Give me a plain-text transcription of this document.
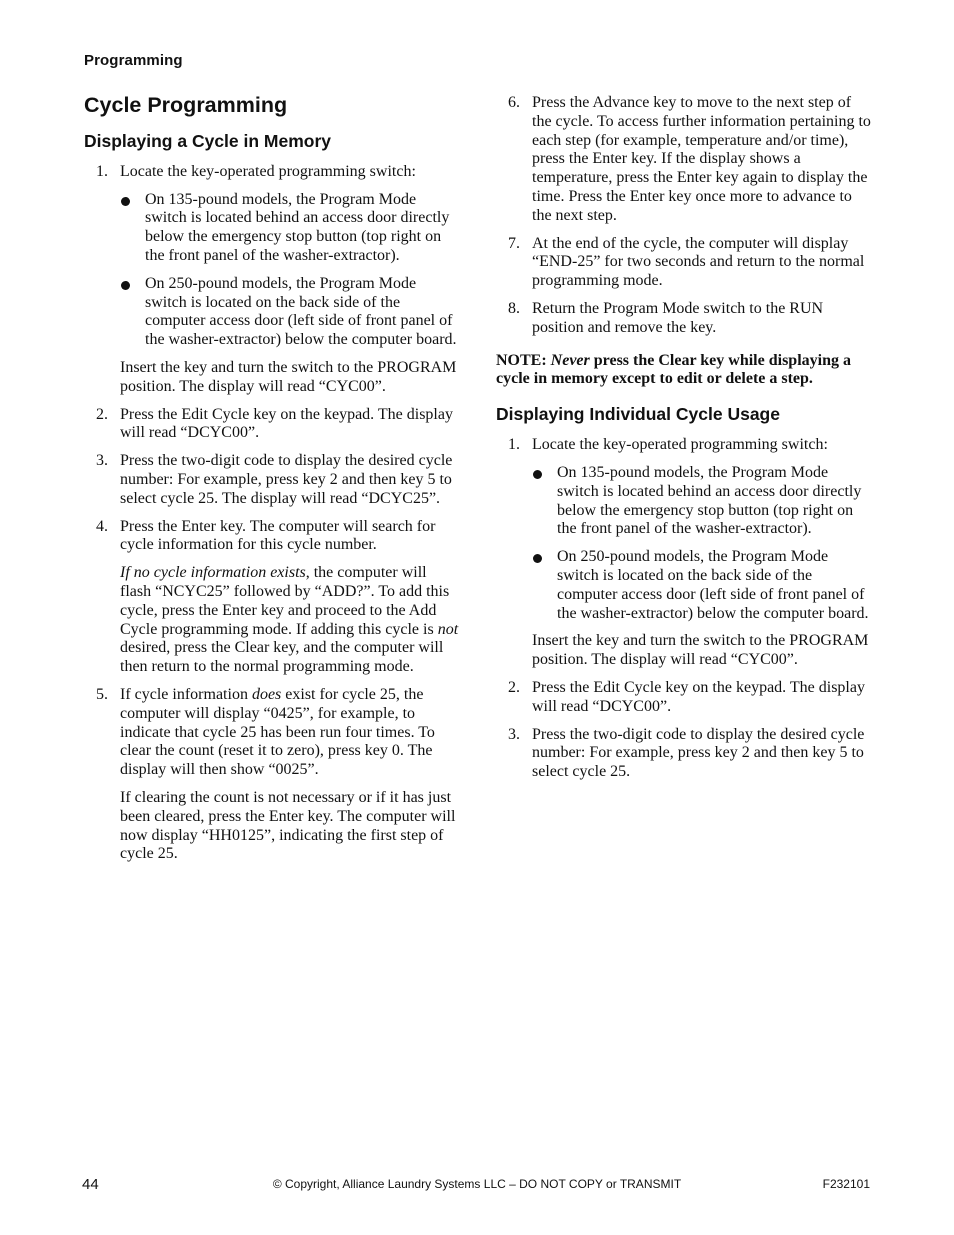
Programming
Cycle Programming
Displaying a Cycle in Memory
1. Locate the key-operated programming switch:

On 135-pound models, the Program Mode switch is located behind an access door directly below the emergency stop button (top right on the front panel of the washer-extractor).
On 250-pound models, the Program Mode switch is located on the back side of the computer access door (left side of front panel of the washer-extractor) below the computer board.

Insert the key and turn the switch to the PROGRAM position. The display will read “CYC00”.

2. Press the Edit Cycle key on the keypad. The display will read “DCYC00”.

3. Press the two-digit code to display the desired cycle number: For example, press key 2 and then key 5 to select cycle 25. The display will read “DCYC25”.

4. Press the Enter key. The computer will search for cycle information for this cycle number.

If no cycle information exists, the computer will flash “NCYC25” followed by “ADD?”. To add this cycle, press the Enter key and proceed to the Add Cycle programming mode. If adding this cycle is not desired, press the Clear key, and the computer will then return to the normal programming mode.

5. If cycle information does exist for cycle 25, the computer will display “0425”, for example, to indicate that cycle 25 has been run four times. To clear the count (reset it to zero), press key 0. The display will then show “0025”.

If clearing the count is not necessary or if it has just been cleared, press the Enter key. The computer will now display “HH0125”, indicating the first step of cycle 25.

6. Press the Advance key to move to the next step of the cycle. To access further information pertaining to each step (for example, temperature and/or time), press the Enter key. If the display shows a temperature, press the Enter key again to display the time. Press the Enter key once more to advance to the next step.

7. At the end of the cycle, the computer will display “END-25” for two seconds and return to the normal programming mode.

8. Return the Program Mode switch to the RUN position and remove the key.

NOTE: Never press the Clear key while displaying a cycle in memory except to edit or delete a step.

Displaying Individual Cycle Usage
1. Locate the key-operated programming switch:

On 135-pound models, the Program Mode switch is located behind an access door directly below the emergency stop button (top right on the front panel of the washer-extractor).
On 250-pound models, the Program Mode switch is located on the back side of the computer access door (left side of front panel of the washer-extractor) below the computer board.

Insert the key and turn the switch to the PROGRAM position. The display will read “CYC00”.

2. Press the Edit Cycle key on the keypad. The display will read “DCYC00”.

3. Press the two-digit code to display the desired cycle number: For example, press key 2 and then key 5 to select cycle 25.

44	© Copyright, Alliance Laundry Systems LLC – DO NOT COPY or TRANSMIT	F232101
